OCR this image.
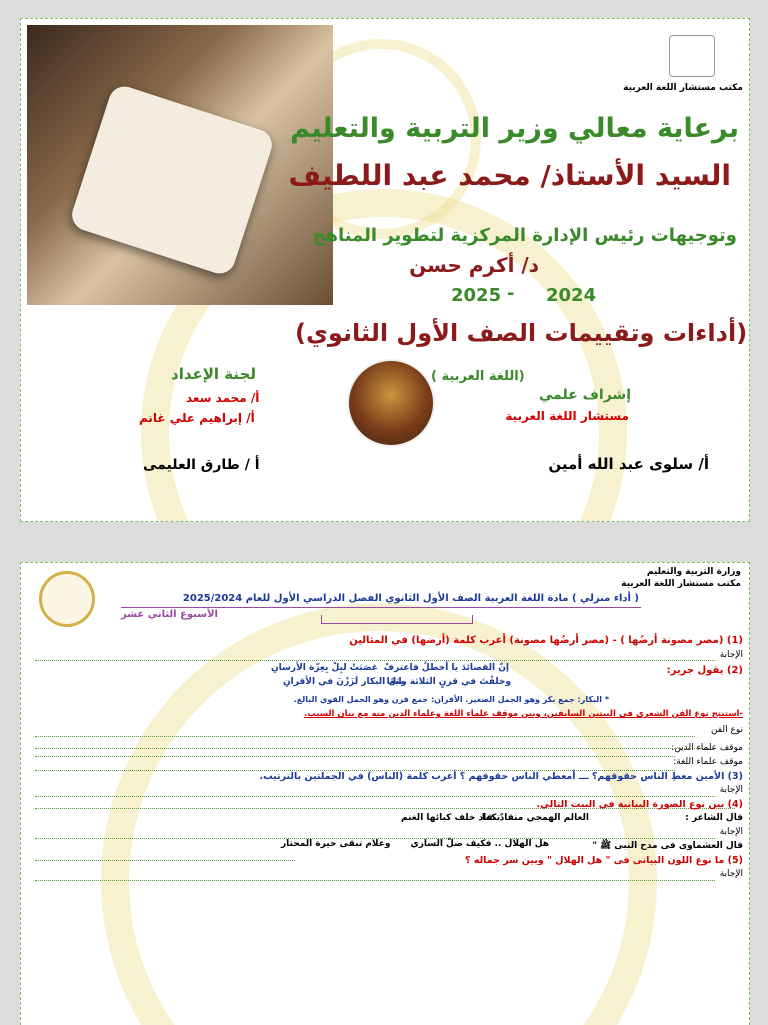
مكتب مستشار اللغة العربية
برعاية معالي وزير التربية والتعليم
السيد الأستاذ/ محمد عبد اللطيف
وتوجيهات رئيس الإدارة المركزية لتطوير المناهج
د/ أكرم حسن
2024
-
2025
(أداءات وتقييمات الصف الأول الثانوي)
(اللغة العربية )
لجنة الإعداد
أ/ محمد سعد
أ/ إبراهيم علي غانم
أ / طارق العليمى
إشراف علمي
مستشار اللغة العربية
أ/ سلوى عبد الله أمين
وزارة التربية والتعليم
مكتب مستشار اللغة العربية
( أداء منزلي ) مادة اللغة العربية الصف الأول الثانوي الفصل الدراسي الأول للعام 2025/2024
الأسبوع الثاني عشر
(1) (مصر مصونة أرضُها ) - (مصر أرضُها مصونة) أعرب كلمة (أرضها) في المثالين
الإجابة
(2) يقول جرير:
إنّ القصائدَ يا أخطلُ فاعترفْ
غصَبَتْ لبِلْ بِعِزّة الأرسانِ
وخلفْتَ في قرنٍ الثلاثة رابعًا
مِثل البكار لَزَزْنَ في الأقرانِ
* البكار: جمع بكر وهو الجمل الصغير. الأقران: جمع قرن وهو الجمل القوي البالغ.
-استنتج نوع الفن الشعرى فى البيتين السابقين، وبين موقف علماء اللغة وعلماء الدين منه مع بيان السبب.
نوع الفن
موقف علماء الدين:
موقف علماء اللغة:
(3) الأمين معطِ الناس حقوقهم؟ ـــ أمعطي الناس حقوقهم ؟ أعرب كلمة (الناس) في الجملتين بالترتيب.
الإجابة
(4) بين نوع الصورة البيانية في البيت التالي.
قال الشاعر :
العالم الهمجي منقادٌ كما
تنقاد خلف كبائها الغنم
الإجابة
قال العشماوى فى مدح النبى ﷺ "
هل الهلال .. فكيف ضلّ الساري
وعلام تبقى حيرة المحتار
(5) ما نوع اللون البيانى فى " هل الهلال " وبين سر جماله ؟
الإجابة
